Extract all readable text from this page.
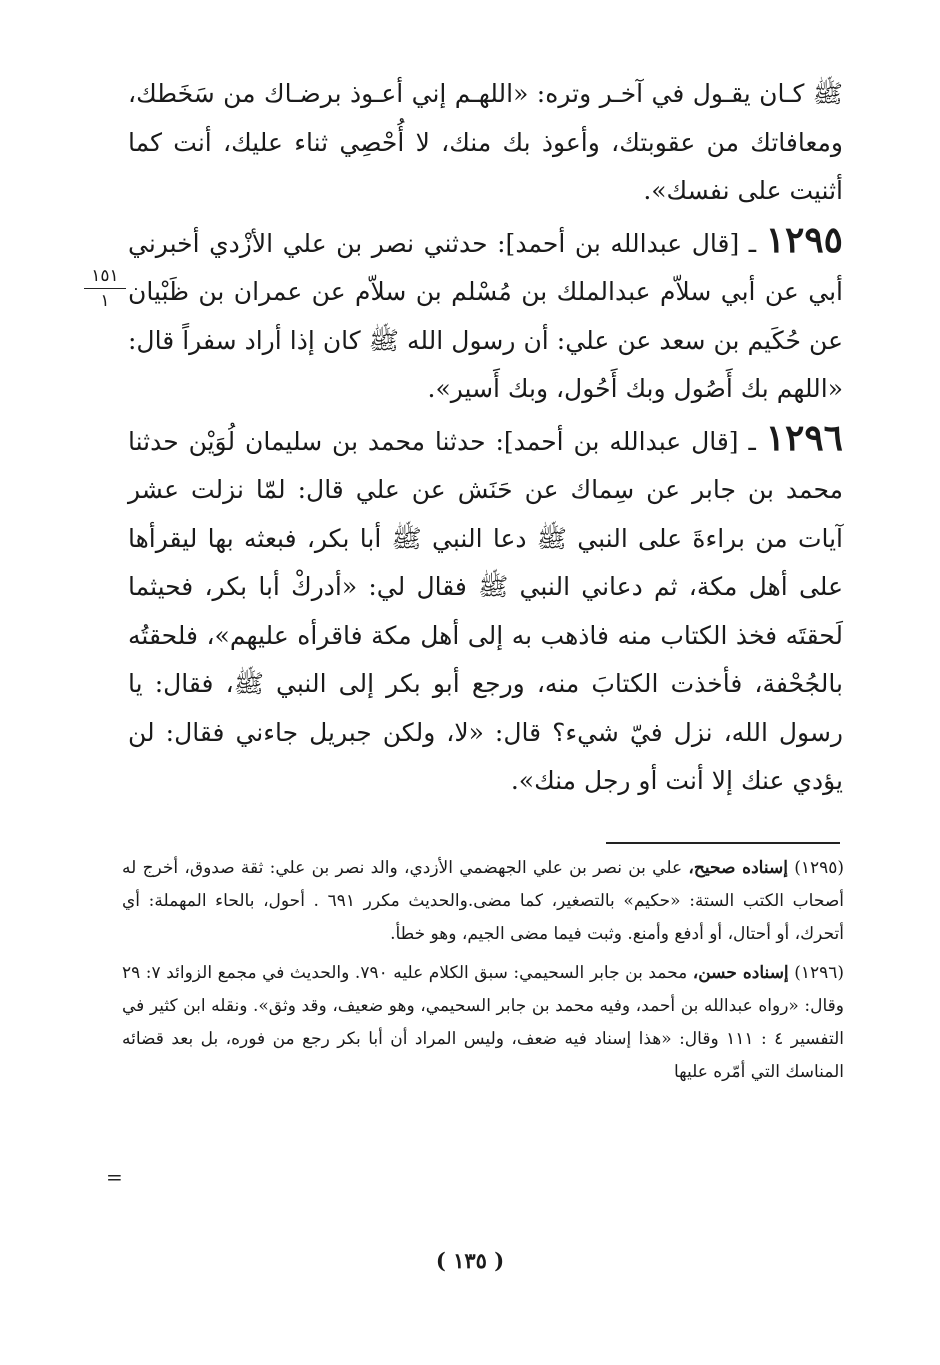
ﷺ كـان يقـول في آخـر وتره: «اللهـم إني أعـوذ برضـاك من سَخَطك، ومعافاتك من عقوبتك، وأعوذ بك منك، لا أُحْصِي ثناء عليك، أنت كما أثنيت على نفسك».

١٢٩٥ ـ [قال عبدالله بن أحمد]: حدثني نصر بن علي الأزْدي أخبرني أبي عن أبي سلاّم عبدالملك بن مُسْلم بن سلاّم عن عمران بن ظَبْيان عن حُكَيم بن سعد عن علي: أن رسول الله ﷺ كان إذا أراد سفراً قال: «اللهم بك أَصُول وبك أَحُول، وبك أَسير».

١٢٩٦ ـ [قال عبدالله بن أحمد]: حدثنا محمد بن سليمان لُوَيْن حدثنا محمد بن جابر عن سِماك عن حَنَش عن علي قال: لمّا نزلت عشر آيات من براءةَ على النبي ﷺ دعا النبي ﷺ أبا بكر، فبعثه بها ليقرأها على أهل مكة، ثم دعاني النبي ﷺ فقال لي: «أدركْ أبا بكر، فحيثما لَحقتَه فخذ الكتاب منه فاذهب به إلى أهل مكة فاقرأه عليهم»، فلحقتُه بالجُحْفة، فأخذت الكتابَ منه، ورجع أبو بكر إلى النبي ﷺ، فقال: يا رسول الله، نزل فيّ شيء؟ قال: «لا، ولكن جبريل جاءني فقال: لن يؤدي عنك إلا أنت أو رجل منك».

١٥١
١

(١٢٩٥) إسناده صحيح، علي بن نصر بن علي الجهضمي الأزدي، والد نصر بن علي: ثقة صدوق، أخرج له أصحاب الكتب الستة: «حكيم» بالتصغير، كما مضى.والحديث مكرر ٦٩١ . أحول، بالحاء المهملة: أي أتحرك، أو أحتال، أو أدفع وأمنع. وثبت فيما مضى الجيم، وهو خطأ.

(١٢٩٦) إسناده حسن، محمد بن جابر السحيمي: سبق الكلام عليه ٧٩٠. والحديث في مجمع الزوائد ٧: ٢٩ وقال: «رواه عبدالله بن أحمد، وفيه محمد بن جابر السحيمي، وهو ضعيف، وقد وثق». ونقله ابن كثير في التفسير ٤ : ١١١ وقال: «هذا إسناد فيه ضعف، وليس المراد أن أبا بكر رجع من فوره، بل بعد قضائه المناسك التي أمّره عليها

=
( ١٣٥ )
